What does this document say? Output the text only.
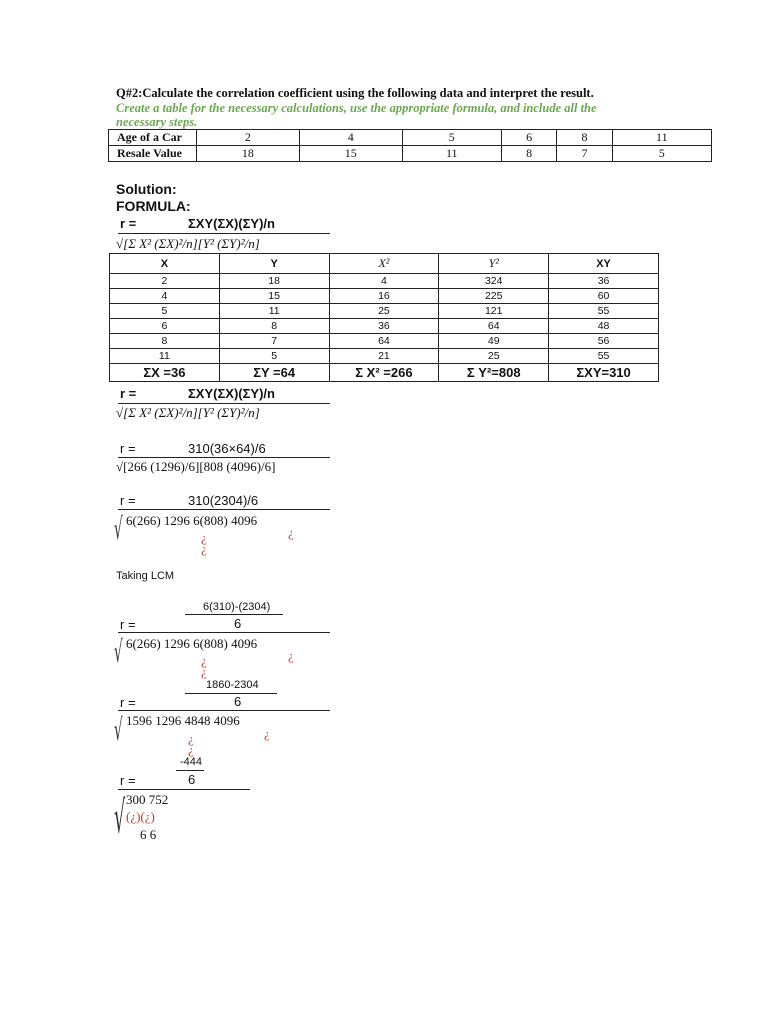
Q#2:Calculate the correlation coefficient using the following data and interpret the result.
Create a table for the necessary calculations, use the appropriate formula, and include all the
necessary steps.
Age of a Car	2	4	5	6	8	11
Resale Value	18	15	11	8	7	5
Solution:
FORMULA:
r =	ΣXY(ΣX)(ΣY)/n
√[Σ X² (ΣX)²/n][Y² (ΣY)²/n]
X	Y	X²	Y²	XY
2	18	4	324	36
4	15	16	225	60
5	11	25	121	55
6	8	36	64	48
8	7	64	49	56
11	5	21	25	55
ΣX =36	ΣY =64	Σ X² =266	Σ Y²=808	ΣXY=310
r =	ΣXY(ΣX)(ΣY)/n
√[Σ X² (ΣX)²/n][Y² (ΣY)²/n]
r =	310(36×64)/6
√[266 (1296)/6][808 (4096)/6]
r =	310(2304)/6
√ 6(266) 1296 6(808) 4096
¿
¿
¿
Taking LCM
6(310)-(2304)
r =	6
√ 6(266) 1296 6(808) 4096
¿
¿
¿
1860-2304
r =	6
√ 1596 1296 4848 4096
¿
¿
¿
-444
r =	6
√ 300 752
(¿)(¿)
6 6
